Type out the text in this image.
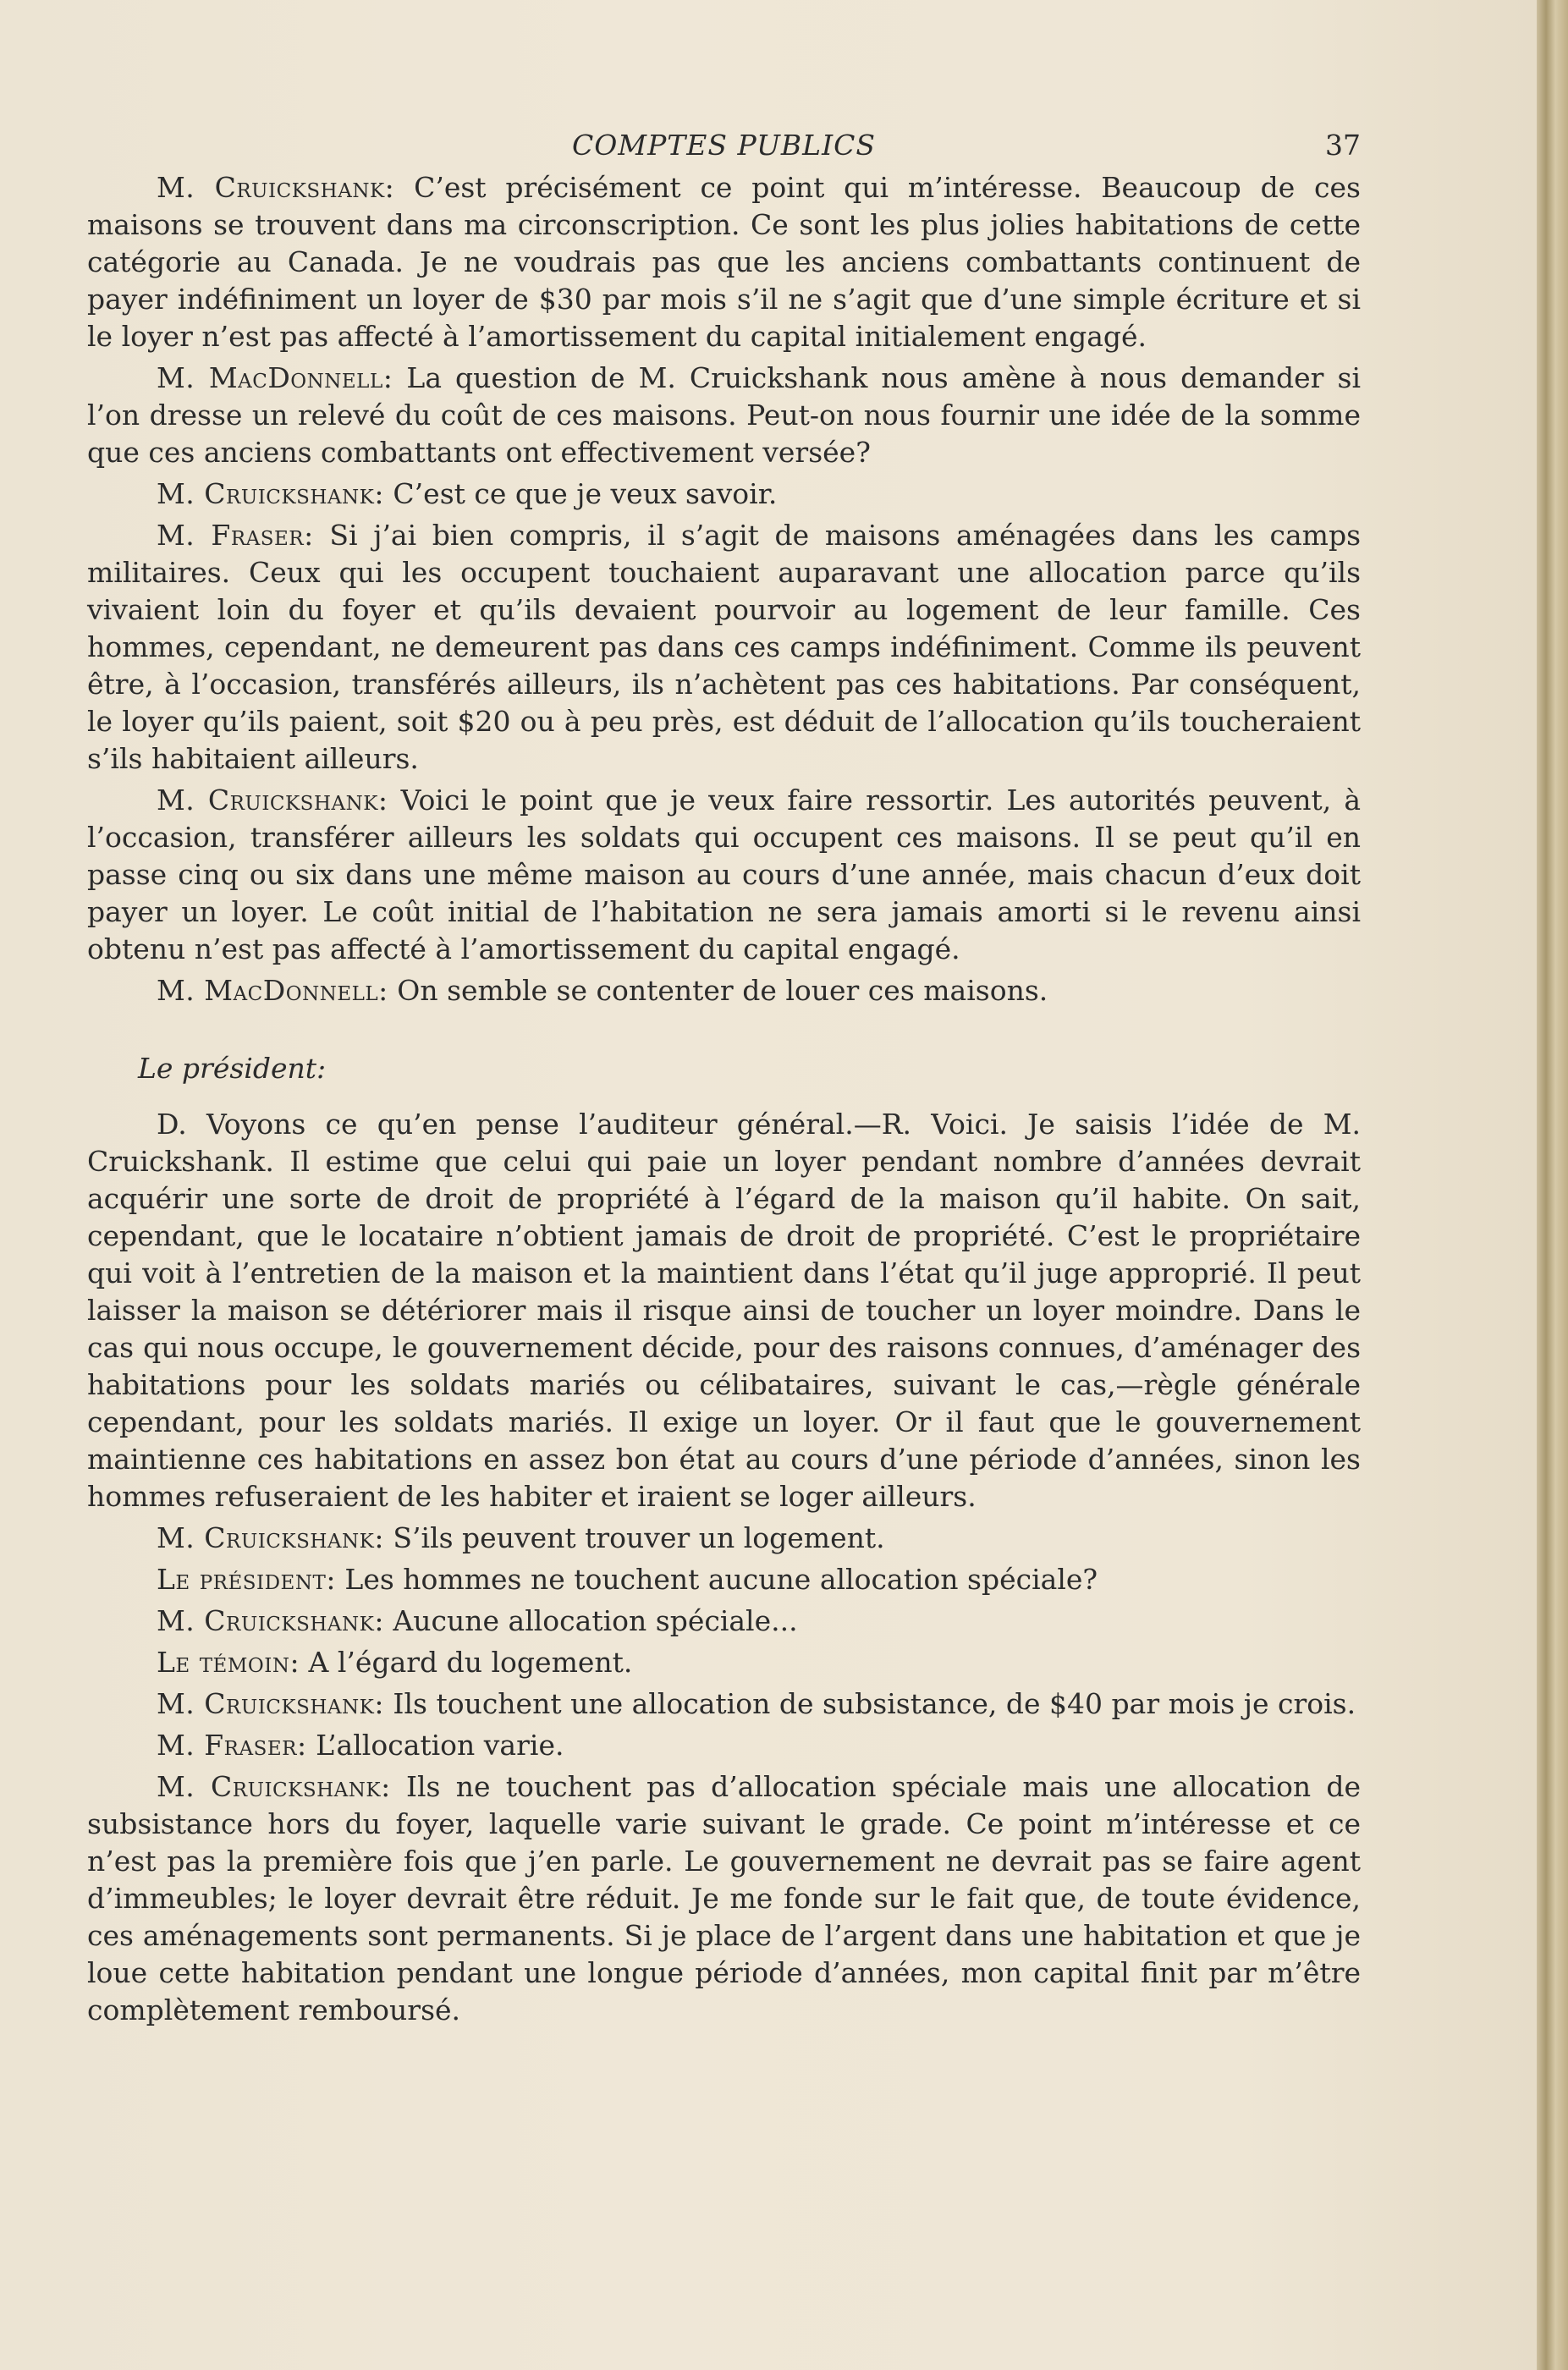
COMPTES PUBLICS	37

M. Cruickshank: C’est précisément ce point qui m’intéresse. Beaucoup de ces maisons se trouvent dans ma circonscription. Ce sont les plus jolies habitations de cette catégorie au Canada. Je ne voudrais pas que les anciens combattants continuent de payer indéfiniment un loyer de $30 par mois s’il ne s’agit que d’une simple écriture et si le loyer n’est pas affecté à l’amortissement du capital initialement engagé.

M. MacDonnell: La question de M. Cruickshank nous amène à nous demander si l’on dresse un relevé du coût de ces maisons. Peut-on nous fournir une idée de la somme que ces anciens combattants ont effectivement versée?

M. Cruickshank: C’est ce que je veux savoir.

M. Fraser: Si j’ai bien compris, il s’agit de maisons aménagées dans les camps militaires. Ceux qui les occupent touchaient auparavant une allocation parce qu’ils vivaient loin du foyer et qu’ils devaient pourvoir au logement de leur famille. Ces hommes, cependant, ne demeurent pas dans ces camps indéfiniment. Comme ils peuvent être, à l’occasion, transférés ailleurs, ils n’achètent pas ces habitations. Par conséquent, le loyer qu’ils paient, soit $20 ou à peu près, est déduit de l’allocation qu’ils toucheraient s’ils habitaient ailleurs.

M. Cruickshank: Voici le point que je veux faire ressortir. Les autorités peuvent, à l’occasion, transférer ailleurs les soldats qui occupent ces maisons. Il se peut qu’il en passe cinq ou six dans une même maison au cours d’une année, mais chacun d’eux doit payer un loyer. Le coût initial de l’habitation ne sera jamais amorti si le revenu ainsi obtenu n’est pas affecté à l’amortissement du capital engagé.

M. MacDonnell: On semble se contenter de louer ces maisons.

Le président:

D. Voyons ce qu’en pense l’auditeur général.—R. Voici. Je saisis l’idée de M. Cruickshank. Il estime que celui qui paie un loyer pendant nombre d’années devrait acquérir une sorte de droit de propriété à l’égard de la maison qu’il habite. On sait, cependant, que le locataire n’obtient jamais de droit de propriété. C’est le propriétaire qui voit à l’entretien de la maison et la maintient dans l’état qu’il juge approprié. Il peut laisser la maison se détériorer mais il risque ainsi de toucher un loyer moindre. Dans le cas qui nous occupe, le gouvernement décide, pour des raisons connues, d’aménager des habitations pour les soldats mariés ou célibataires, suivant le cas,—règle générale cependant, pour les soldats mariés. Il exige un loyer. Or il faut que le gouvernement maintienne ces habitations en assez bon état au cours d’une période d’années, sinon les hommes refuseraient de les habiter et iraient se loger ailleurs.

M. Cruickshank: S’ils peuvent trouver un logement.

Le président: Les hommes ne touchent aucune allocation spéciale?

M. Cruickshank: Aucune allocation spéciale...

Le témoin: A l’égard du logement.

M. Cruickshank: Ils touchent une allocation de subsistance, de $40 par mois je crois.

M. Fraser: L’allocation varie.

M. Cruickshank: Ils ne touchent pas d’allocation spéciale mais une allocation de subsistance hors du foyer, laquelle varie suivant le grade. Ce point m’intéresse et ce n’est pas la première fois que j’en parle. Le gouvernement ne devrait pas se faire agent d’immeubles; le loyer devrait être réduit. Je me fonde sur le fait que, de toute évidence, ces aménagements sont permanents. Si je place de l’argent dans une habitation et que je loue cette habitation pendant une longue période d’années, mon capital finit par m’être complètement remboursé.
